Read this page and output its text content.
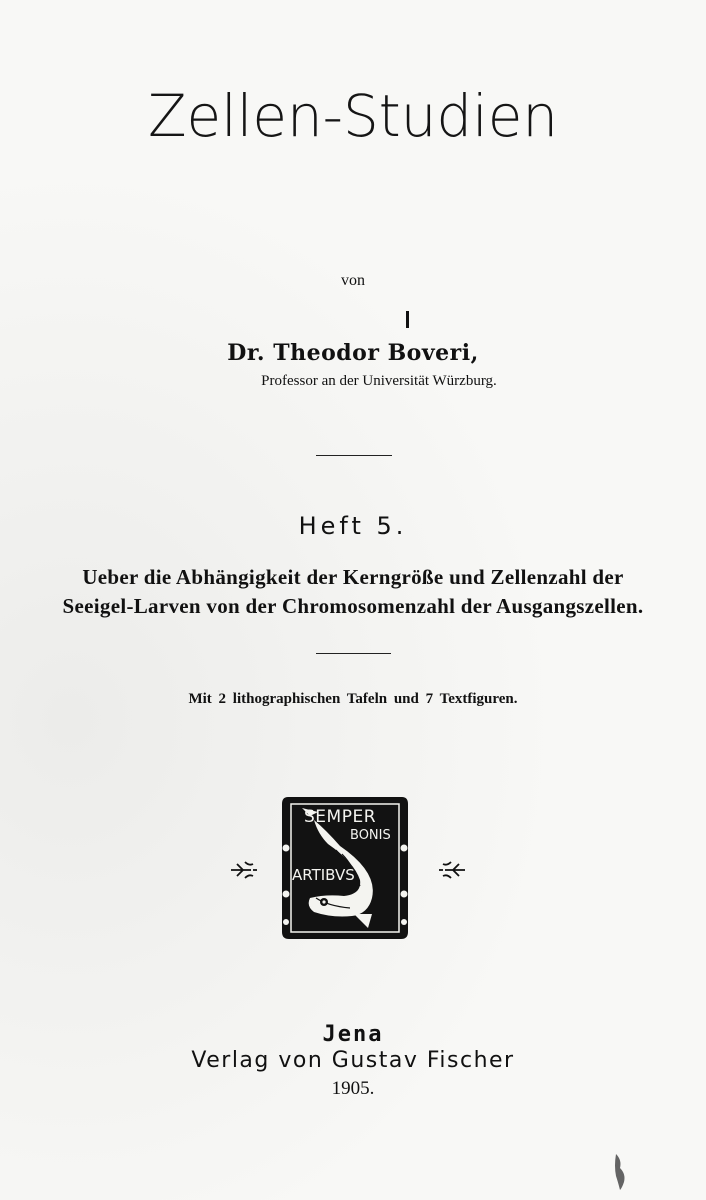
Zellen-Studien
von
Dr. Theodor Boveri,
Professor an der Universität Würzburg.
Heft 5.
Ueber die Abhängigkeit der Kerngröße und Zellenzahl der
Seeigel-Larven von der Chromosomenzahl der Ausgangszellen.
Mit 2 lithographischen Tafeln und 7 Textfiguren.
SEMPER
BONIS
ARTIBVS
Jena
Verlag von Gustav Fischer
1905.
